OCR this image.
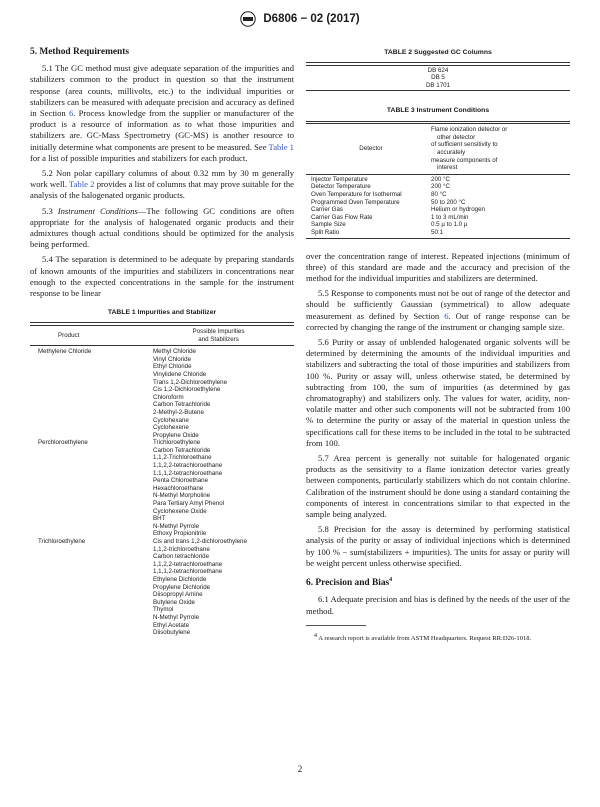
D6806 − 02 (2017)
5. Method Requirements

5.1 The GC method must give adequate separation of the impurities and stabilizers common to the product in question so that the instrument response (area counts, millivolts, etc.) to the individual impurities or stabilizers can be measured with adequate precision and accuracy as defined in Section 6. Process knowledge from the supplier or manufacturer of the product is a resource of information as to what those impurities and stabilizers are. GC-Mass Spectrometry (GC-MS) is another resource to initially determine what components are present to be measured. See Table 1 for a list of possible impurities and stabilizers for each product.

5.2 Non polar capillary columns of about 0.32 mm by 30 m generally work well. Table 2 provides a list of columns that may prove suitable for the analysis of the halogenated organic products.

5.3 Instrument Conditions—The following GC conditions are often appropriate for the analysis of halogenated organic products and their admixtures though actual conditions should be optimized for the analysis being performed.

5.4 The separation is determined to be adequate by preparing standards of known amounts of the impurities and stabilizers in concentrations near enough to the expected concentrations in the sample for the instrument response to be linear

TABLE 1 Impurities and Stabilizer
Product
Possible Impurities
and Stabilizers
Methylene Chloride	Methyl Chloride
Vinyl Chloride
Ethyl Chloride
Vinylidene Chloride
Trans 1,2-Dichloroethylene
Cis 1,2-Dichloroethylene
Chloroform
Carbon Tetrachloride
2-Methyl-2-Butene
Cyclohexane
Cyclohexene
Propylene Oxide
Perchloroethylene	Trichloroethylene
Carbon Tetrachloride
1,1,2-Trichloroethane
1,1,2,2-tetrachloroethane
1,1,1,2-tetrachloroethane
Penta Chloroethane
Hexachloroethane
N-Methyl Morpholine
Para Tertiary Amyl Phenol
Cyclohexene Oxide
BHT
N-Methyl Pyrrole
Ethoxy Propionitrile
Trichloroethylene	Cis and trans 1,2-dichloroethylene
1,1,2-trichloroethane
Carbon tetrachloride
1,1,2,2-tetrachloroethane
1,1,1,2-tetrachloroethane
Ethylene Dichloride
Propylene Dichloride
Diisopropyl Amine
Butylene Oxide
Thymol
N-Methyl Pyrrole
Ethyl Acetate
Diisobutylene
TABLE 2 Suggested GC Columns
DB 624
DB 5
DB 1701
TABLE 3 Instrument Conditions
Detector
Flame ionization detector or
other detector
of sufficient sensitivity to
accurately
measure components of
interest
Injector Temperature	200 °C
Detector Temperature	200 °C
Oven Temperature for Isothermal	80 °C
Programmed Oven Temperature	50 to 200 °C
Carrier Gas	Helium or hydrogen
Carrier Gas Flow Rate	1 to 3 mL/min
Sample Size	0.5 µ to 1.0 µ
Split Ratio	50:1

over the concentration range of interest. Repeated injections (minimum of three) of this standard are made and the accuracy and precision of the method for the individual impurities and stabilizers are determined.

5.5 Response to components must not be out of range of the detector and should be sufficiently Gaussian (symmetrical) to allow adequate measurement as defined by Section 6. Out of range response can be corrected by changing the range of the instrument or changing sample size.

5.6 Purity or assay of unblended halogenated organic solvents will be determined by determining the amounts of the individual impurities and stabilizers and subtracting the total of those impurities and stabilizers from 100 %. Purity or assay will, unless otherwise stated, be determined by subtracting from 100, the sum of impurities (as determined by gas chromatography) and stabilizers only. The values for water, acidity, non-volatile matter and other such components will not be subtracted from 100 % to determine the purity or assay of the material in question unless the specifications call for these items to be included in the total to be subtracted from 100.

5.7 Area percent is generally not suitable for halogenated organic products as the sensitivity to a flame ionization detector varies greatly between components, particularly stabilizers which do not contain chlorine. Calibration of the instrument should be done using a standard containing the components of interest in concentrations similar to that expected in the sample being analyzed.

5.8 Precision for the assay is determined by performing statistical analysis of the purity or assay of individual injections which is determined by 100 % − sum(stabilizers + impurities). The units for assay or purity will be weight percent unless otherwise specified.

6. Precision and Bias$^4$

6.1 Adequate precision and bias is defined by the needs of the user of the method.

$^4$ A research report is available from ASTM Headquarters. Request RR:D26-1018.
2
